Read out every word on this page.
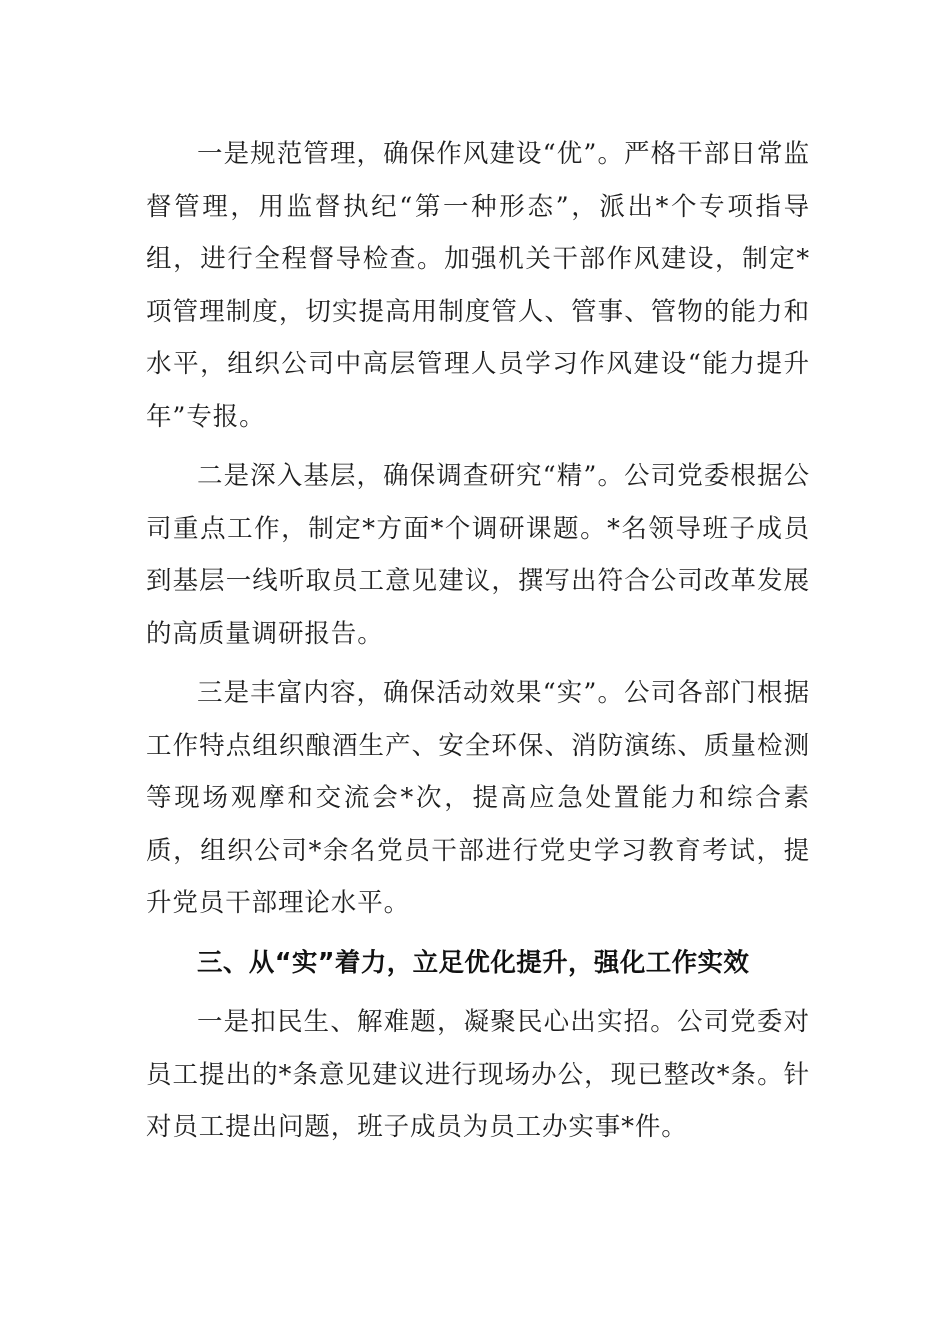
一是规范管理，确保作风建设“优”。严格干部日常监督管理，用监督执纪“第一种形态”，派出*个专项指导组，进行全程督导检查。加强机关干部作风建设，制定*项管理制度，切实提高用制度管人、管事、管物的能力和水平，组织公司中高层管理人员学习作风建设“能力提升年”专报。

二是深入基层，确保调查研究“精”。公司党委根据公司重点工作，制定*方面*个调研课题。*名领导班子成员到基层一线听取员工意见建议，撰写出符合公司改革发展的高质量调研报告。

三是丰富内容，确保活动效果“实”。公司各部门根据工作特点组织酿酒生产、安全环保、消防演练、质量检测等现场观摩和交流会*次，提高应急处置能力和综合素质，组织公司*余名党员干部进行党史学习教育考试，提升党员干部理论水平。

三、从“实”着力，立足优化提升，强化工作实效

一是扣民生、解难题，凝聚民心出实招。公司党委对员工提出的*条意见建议进行现场办公，现已整改*条。针对员工提出问题，班子成员为员工办实事*件。
